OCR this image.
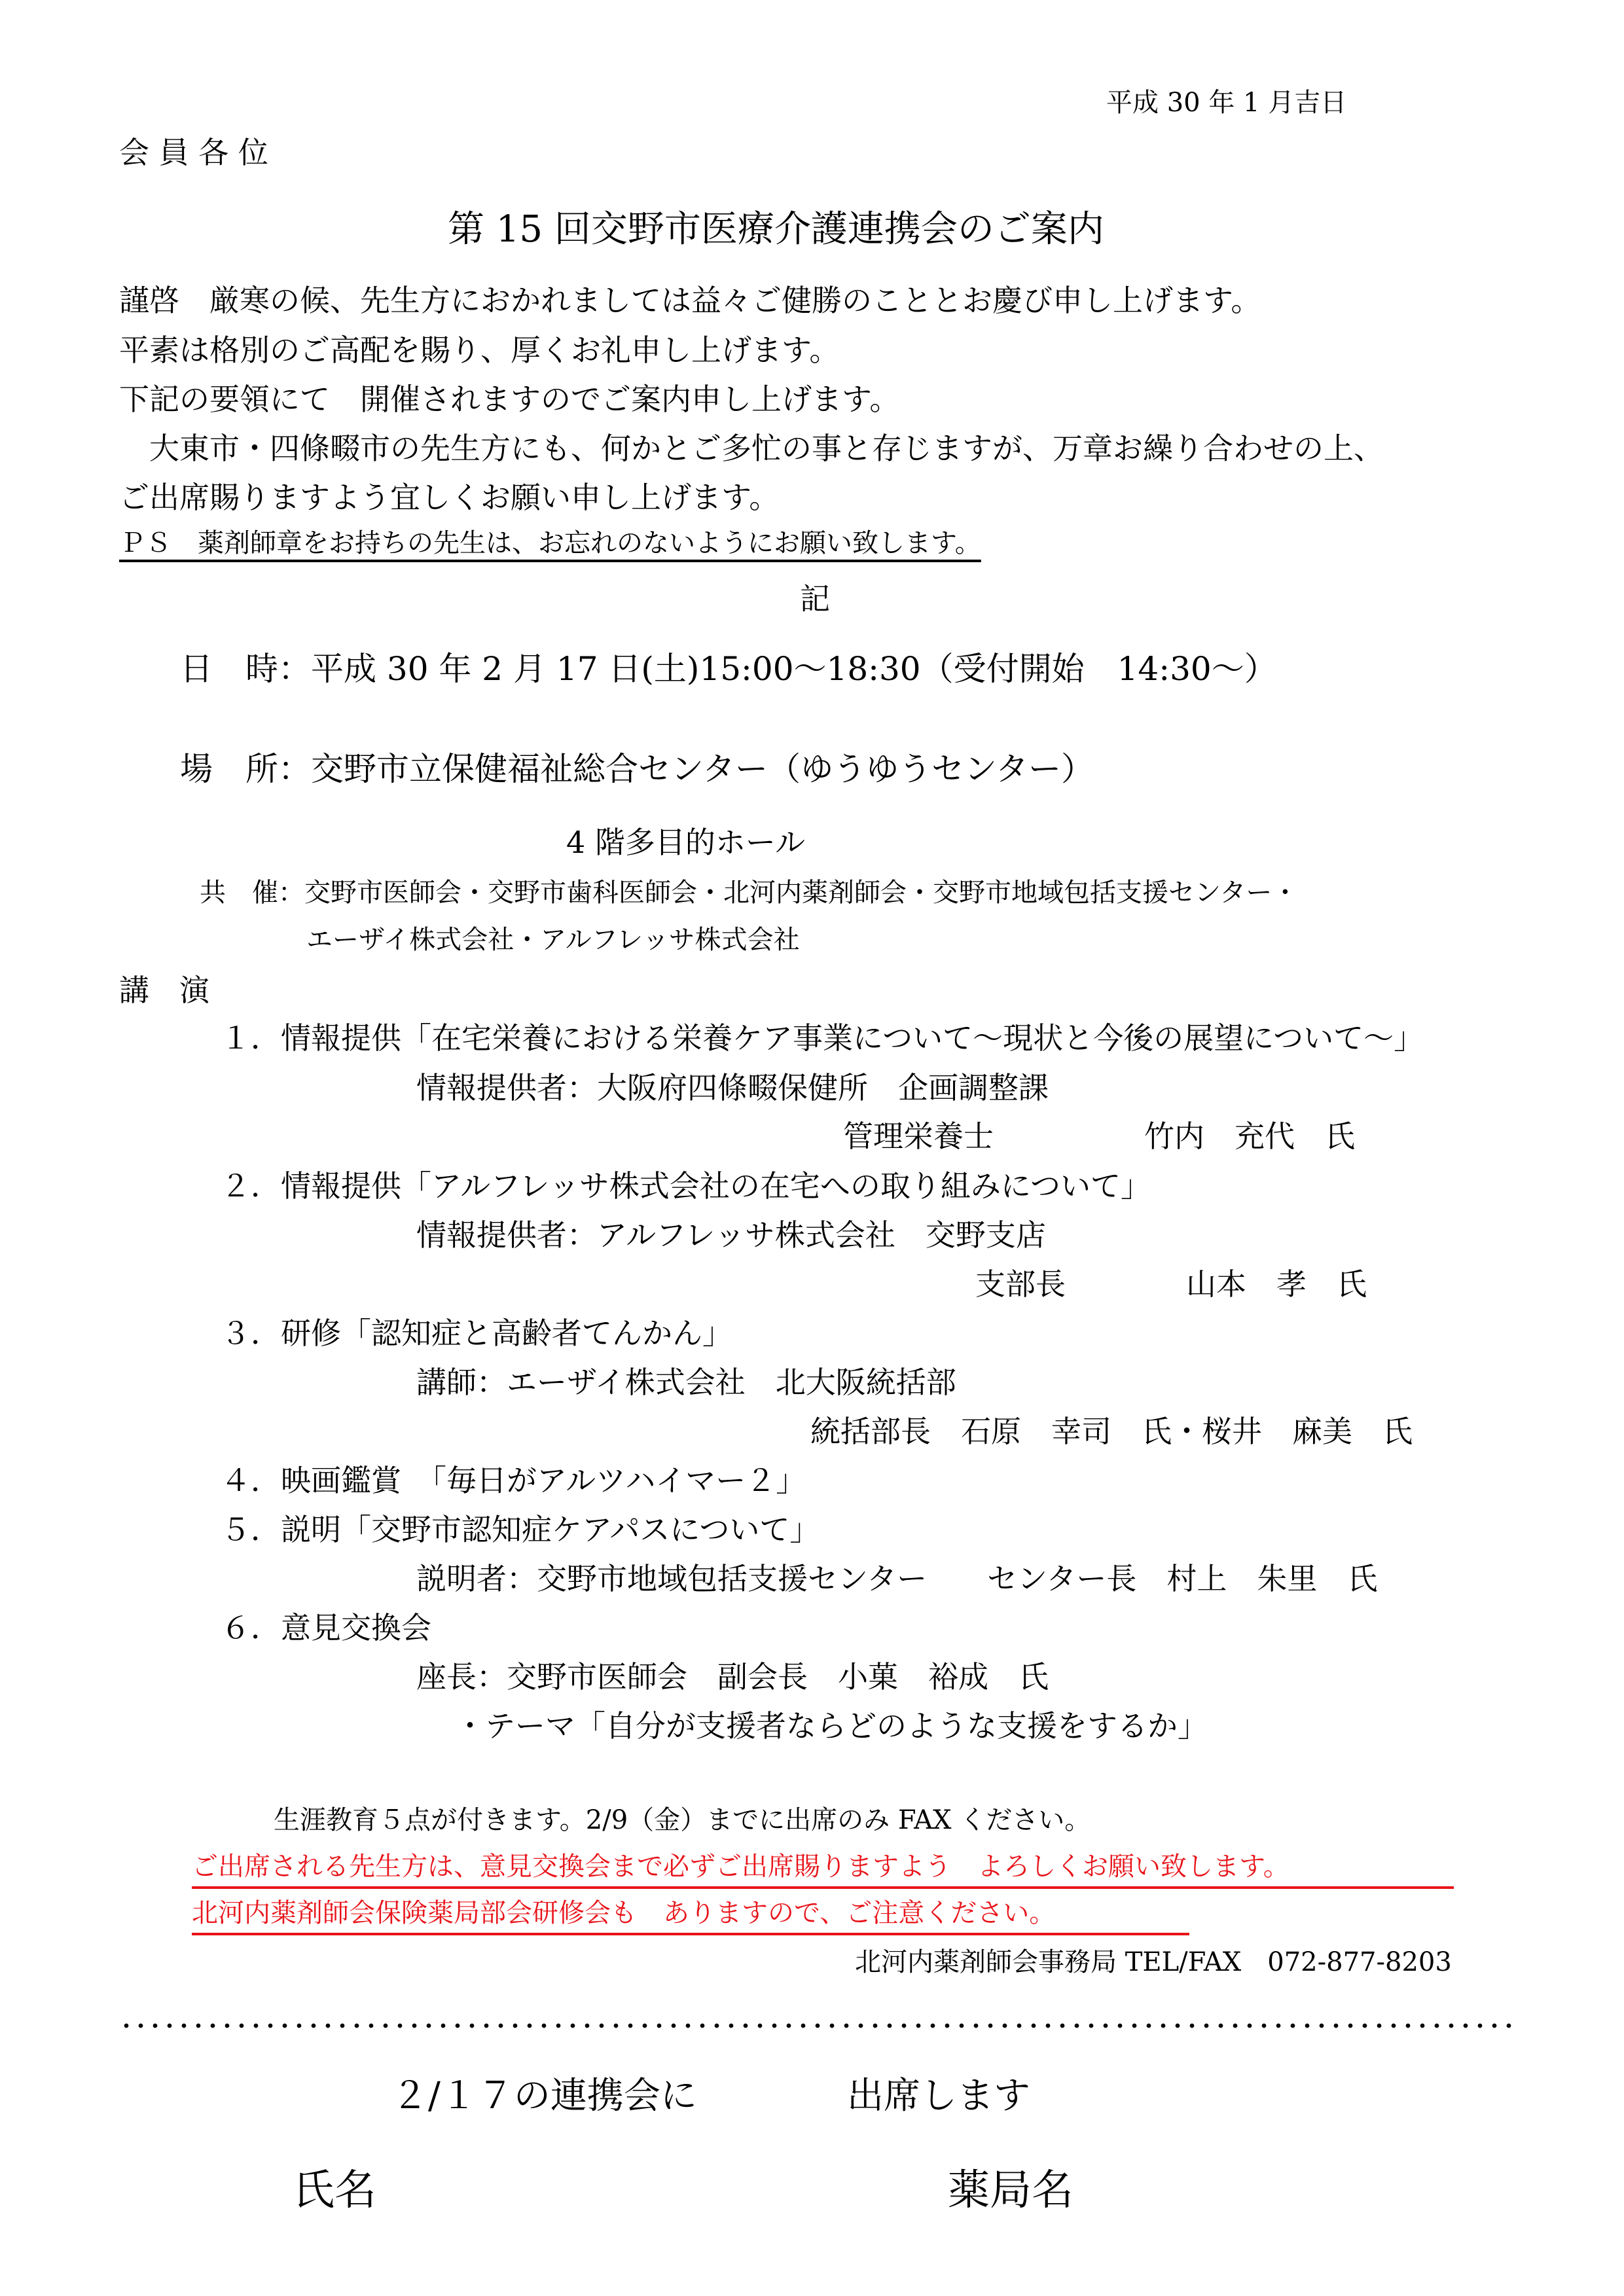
平成 30 年 1 月吉日
会 員 各 位
第 15 回交野市医療介護連携会のご案内
謹啓　厳寒の候、先生方におかれましては益々ご健勝のこととお慶び申し上げます。
平素は格別のご高配を賜り、厚くお礼申し上げます。
下記の要領にて　開催されますのでご案内申し上げます。
　大東市・四條畷市の先生方にも、何かとご多忙の事と存じますが、万章お繰り合わせの上、
ご出席賜りますよう宜しくお願い申し上げます。
ＰＳ　薬剤師章をお持ちの先生は、お忘れのないようにお願い致します。
記
日　時：平成 30 年 2 月 17 日(土)15:00～18:30（受付開始　14:30～）
場　所：交野市立保健福祉総合センター（ゆうゆうセンター）
4 階多目的ホール
共　催：交野市医師会・交野市歯科医師会・北河内薬剤師会・交野市地域包括支援センター・
エーザイ株式会社・アルフレッサ株式会社
講　演
１．情報提供「在宅栄養における栄養ケア事業について～現状と今後の展望について～」
情報提供者：大阪府四條畷保健所　企画調整課
管理栄養士　　　　　竹内　充代　氏
２．情報提供「アルフレッサ株式会社の在宅への取り組みについて」
情報提供者：アルフレッサ株式会社　交野支店
支部長　　　　山本　孝　氏
３．研修「認知症と高齢者てんかん」
講師：エーザイ株式会社　北大阪統括部
統括部長　石原　幸司　氏・桜井　麻美　氏
４．映画鑑賞　「毎日がアルツハイマー２」
５．説明「交野市認知症ケアパスについて」
説明者：交野市地域包括支援センター　　センター長　村上　朱里　氏
６．意見交換会
座長：交野市医師会　副会長　小菓　裕成　氏
・テーマ「自分が支援者ならどのような支援をするか」
生涯教育５点が付きます。2/9（金）までに出席のみ FAX ください。
ご出席される先生方は、意見交換会まで必ずご出席賜りますよう　よろしくお願い致します。
北河内薬剤師会保険薬局部会研修会も　ありますので、ご注意ください。
北河内薬剤師会事務局 TEL/FAX　072-877-8203
２/１７の連携会に	出席します
氏名	薬局名
